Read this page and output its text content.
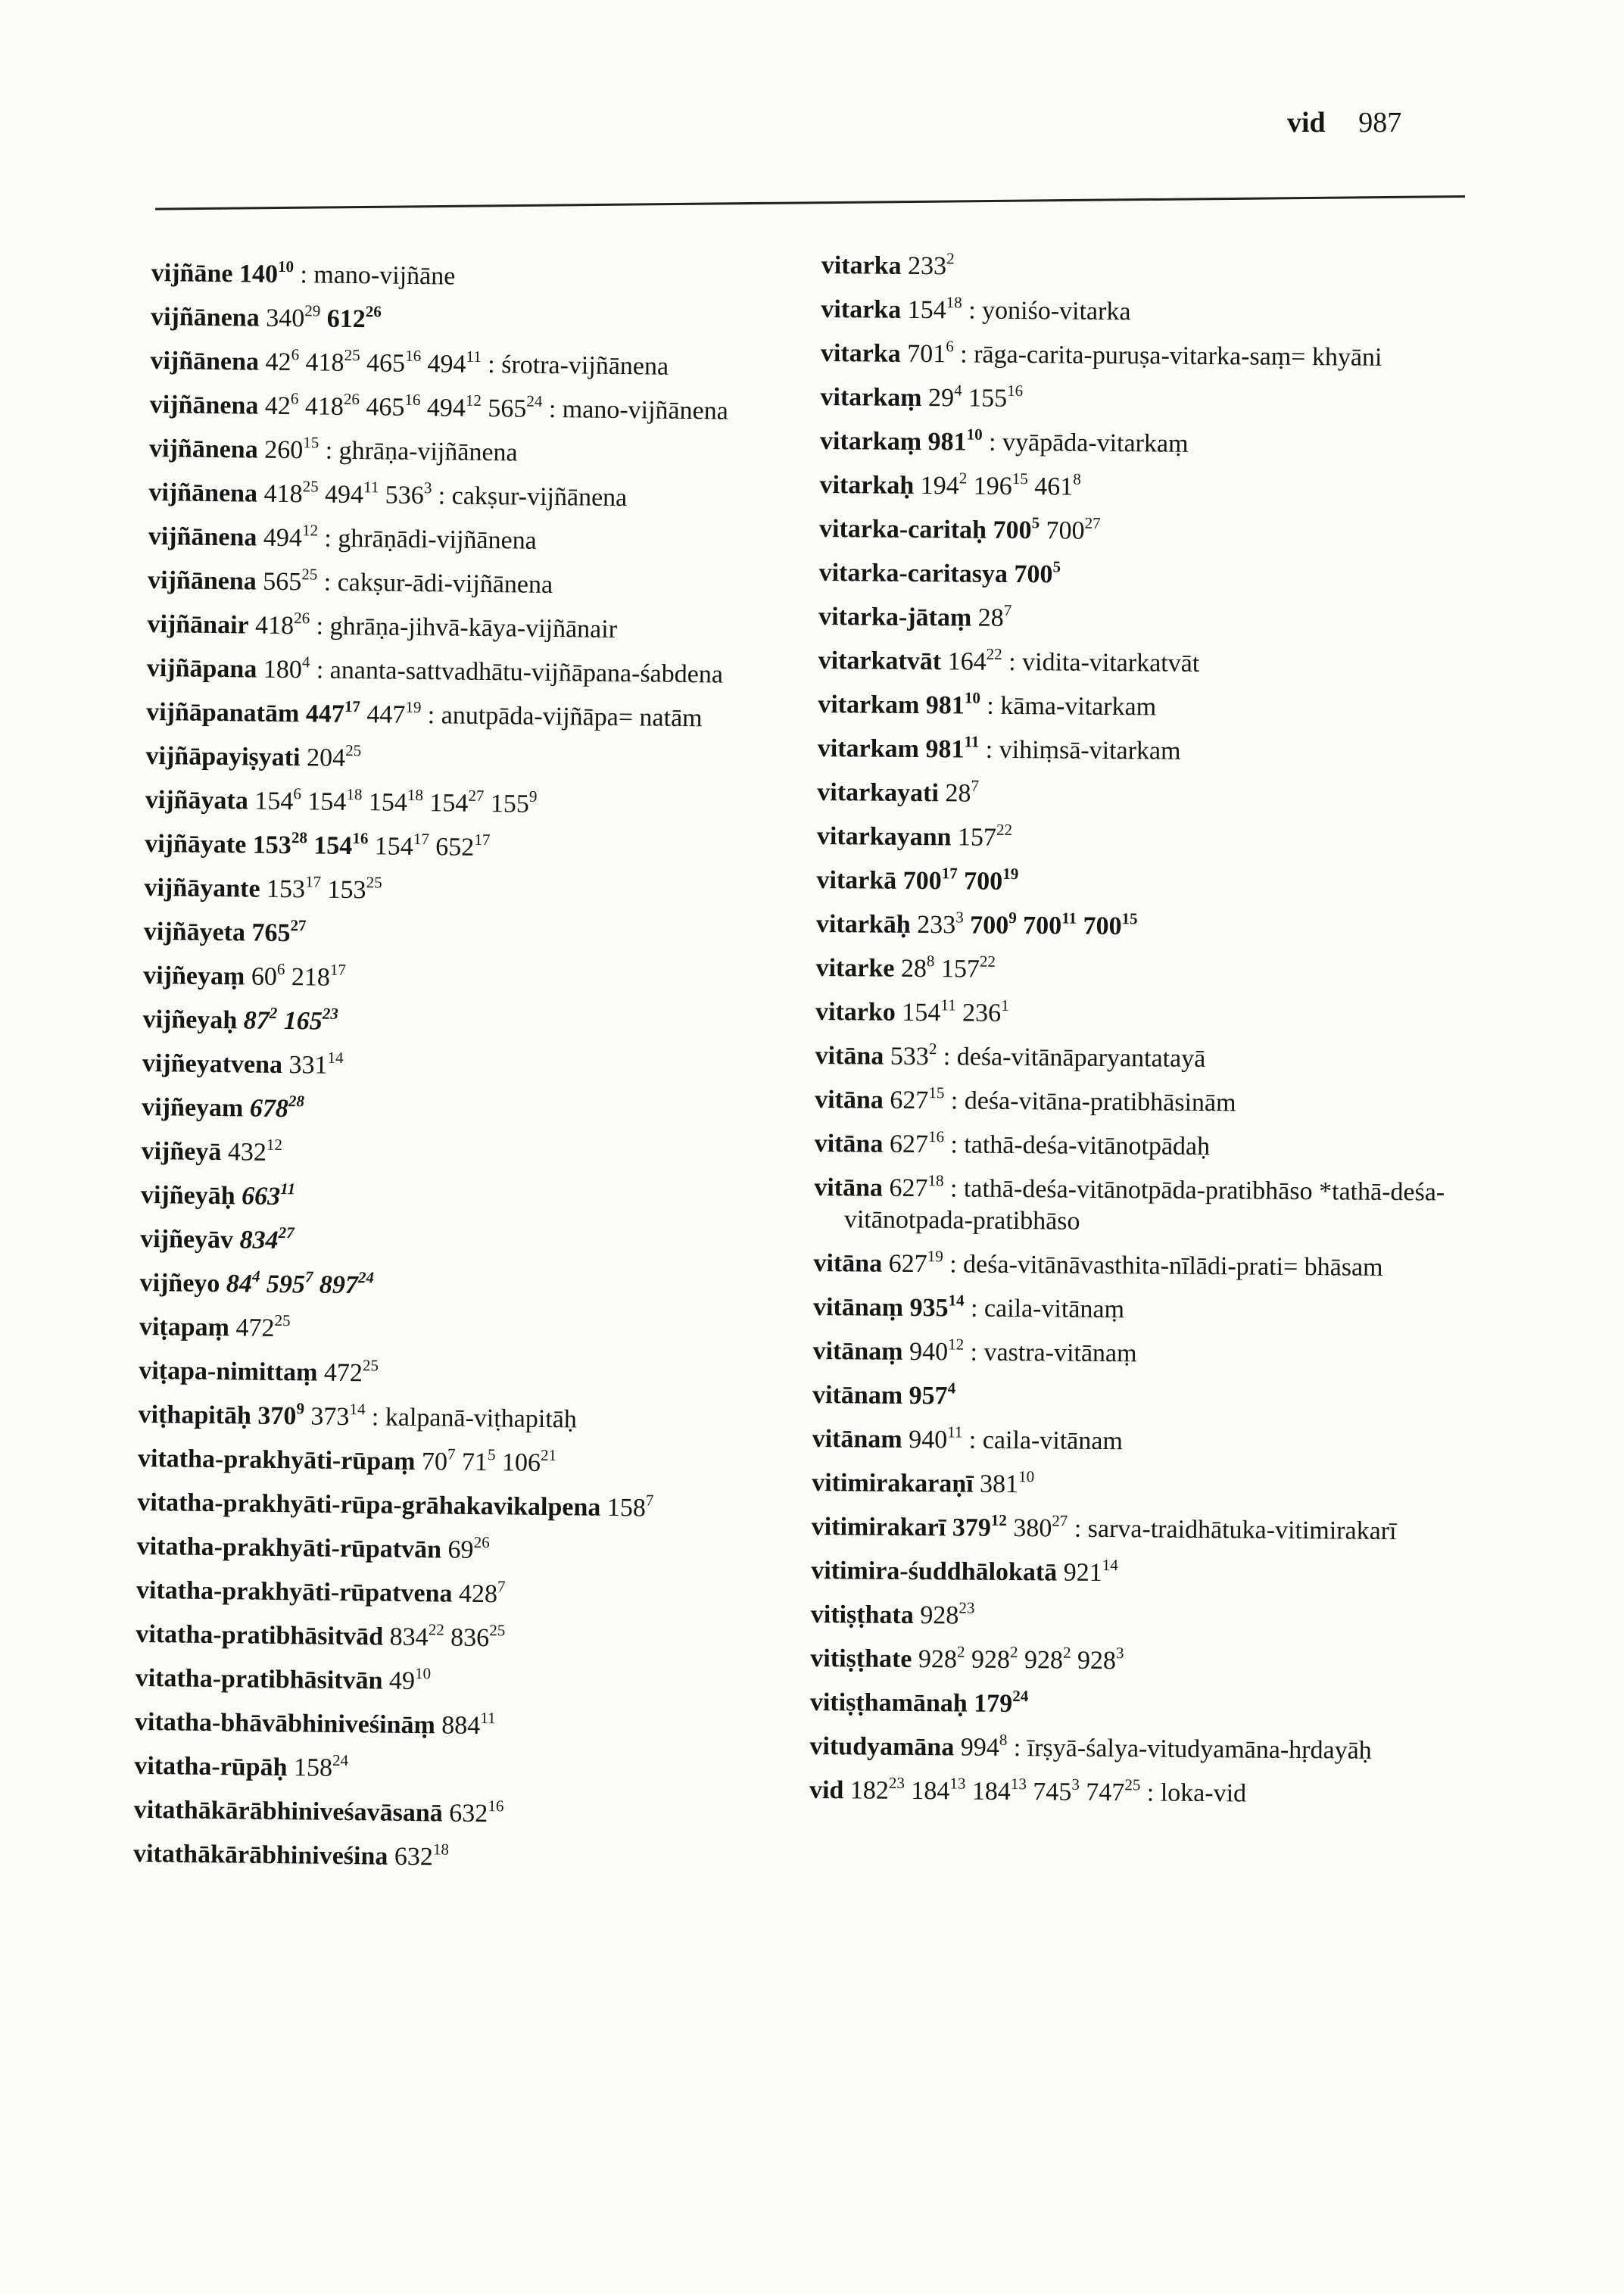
vid 987
vijñāne $140^{10}$ : mano-vijñāne
vijñānena $340^{29}$ $612^{26}$
vijñānena $42^6$ $418^{25}$ $465^{16}$ $494^{11}$ : śrotra-vijñānena
vijñānena $42^6$ $418^{26}$ $465^{16}$ $494^{12}$ $565^{24}$ : mano-vijñānena
vijñānena $260^{15}$ : ghrāṇa-vijñānena
vijñānena $418^{25}$ $494^{11}$ $536^3$ : cakṣur-vijñānena
vijñānena $494^{12}$ : ghrāṇādi-vijñānena
vijñānena $565^{25}$ : cakṣur-ādi-vijñānena
vijñānair $418^{26}$ : ghrāṇa-jihvā-kāya-vijñānair
vijñāpana $180^4$ : ananta-sattvadhātu-vijñāpana-śabdena
vijñāpanatām $447^{17}$ $447^{19}$ : anutpāda-vijñāpa= natām
vijñāpayiṣyati $204^{25}$
vijñāyata $154^6$ $154^{18}$ $154^{18}$ $154^{27}$ $155^9$
vijñāyate $153^{28}$ $154^{16}$ $154^{17}$ $652^{17}$
vijñāyante $153^{17}$ $153^{25}$
vijñāyeta $765^{27}$
vijñeyaṃ $60^6$ $218^{17}$
vijñeyaḥ $87^2$ $165^{23}$
vijñeyatvena $331^{14}$
vijñeyam $678^{28}$
vijñeyā $432^{12}$
vijñeyāḥ $663^{11}$
vijñeyāv $834^{27}$
vijñeyo $84^4$ $595^7$ $897^{24}$
viṭapaṃ $472^{25}$
viṭapa-nimittaṃ $472^{25}$
viṭhapitāḥ $370^9$ $373^{14}$ : kalpanā-viṭhapitāḥ
vitatha-prakhyāti-rūpaṃ $70^7$ $71^5$ $106^{21}$
vitatha-prakhyāti-rūpa-grāhakavikalpena $158^7$
vitatha-prakhyāti-rūpatvān $69^{26}$
vitatha-prakhyāti-rūpatvena $428^7$
vitatha-pratibhāsitvād $834^{22}$ $836^{25}$
vitatha-pratibhāsitvān $49^{10}$
vitatha-bhāvābhiniveśināṃ $884^{11}$
vitatha-rūpāḥ $158^{24}$
vitathākārābhiniveśavāsanā $632^{16}$
vitathākārābhiniveśina $632^{18}$
vitarka $233^2$
vitarka $154^{18}$ : yoniśo-vitarka
vitarka $701^6$ : rāga-carita-puruṣa-vitarka-saṃ= khyāni
vitarkaṃ $29^4$ $155^{16}$
vitarkaṃ $981^{10}$ : vyāpāda-vitarkaṃ
vitarkaḥ $194^2$ $196^{15}$ $461^8$
vitarka-caritaḥ $700^5$ $700^{27}$
vitarka-caritasya $700^5$
vitarka-jātaṃ $28^7$
vitarkatvāt $164^{22}$ : vidita-vitarkatvāt
vitarkam $981^{10}$ : kāma-vitarkam
vitarkam $981^{11}$ : vihiṃsā-vitarkam
vitarkayati $28^7$
vitarkayann $157^{22}$
vitarkā $700^{17}$ $700^{19}$
vitarkāḥ $233^3$ $700^9$ $700^{11}$ $700^{15}$
vitarke $28^8$ $157^{22}$
vitarko $154^{11}$ $236^1$
vitāna $533^2$ : deśa-vitānāparyantatayā
vitāna $627^{15}$ : deśa-vitāna-pratibhāsinām
vitāna $627^{16}$ : tathā-deśa-vitānotpādaḥ
vitāna $627^{18}$ : tathā-deśa-vitānotpāda-pratibhāso *tathā-deśa-vitānotpada-pratibhāso
vitāna $627^{19}$ : deśa-vitānāvasthita-nīlādi-prati= bhāsam
vitānaṃ $935^{14}$ : caila-vitānaṃ
vitānaṃ $940^{12}$ : vastra-vitānaṃ
vitānam $957^4$
vitānam $940^{11}$ : caila-vitānam
vitimirakaraṇī $381^{10}$
vitimirakarī $379^{12}$ $380^{27}$ : sarva-traidhātuka-vitimirakarī
vitimira-śuddhālokatā $921^{14}$
vitiṣṭhata $928^{23}$
vitiṣṭhate $928^2$ $928^2$ $928^2$ $928^3$
vitiṣṭhamānaḥ $179^{24}$
vitudyamāna $994^8$ : īrṣyā-śalya-vitudyamāna-hṛdayāḥ
vid $182^{23}$ $184^{13}$ $184^{13}$ $745^3$ $747^{25}$ : loka-vid
